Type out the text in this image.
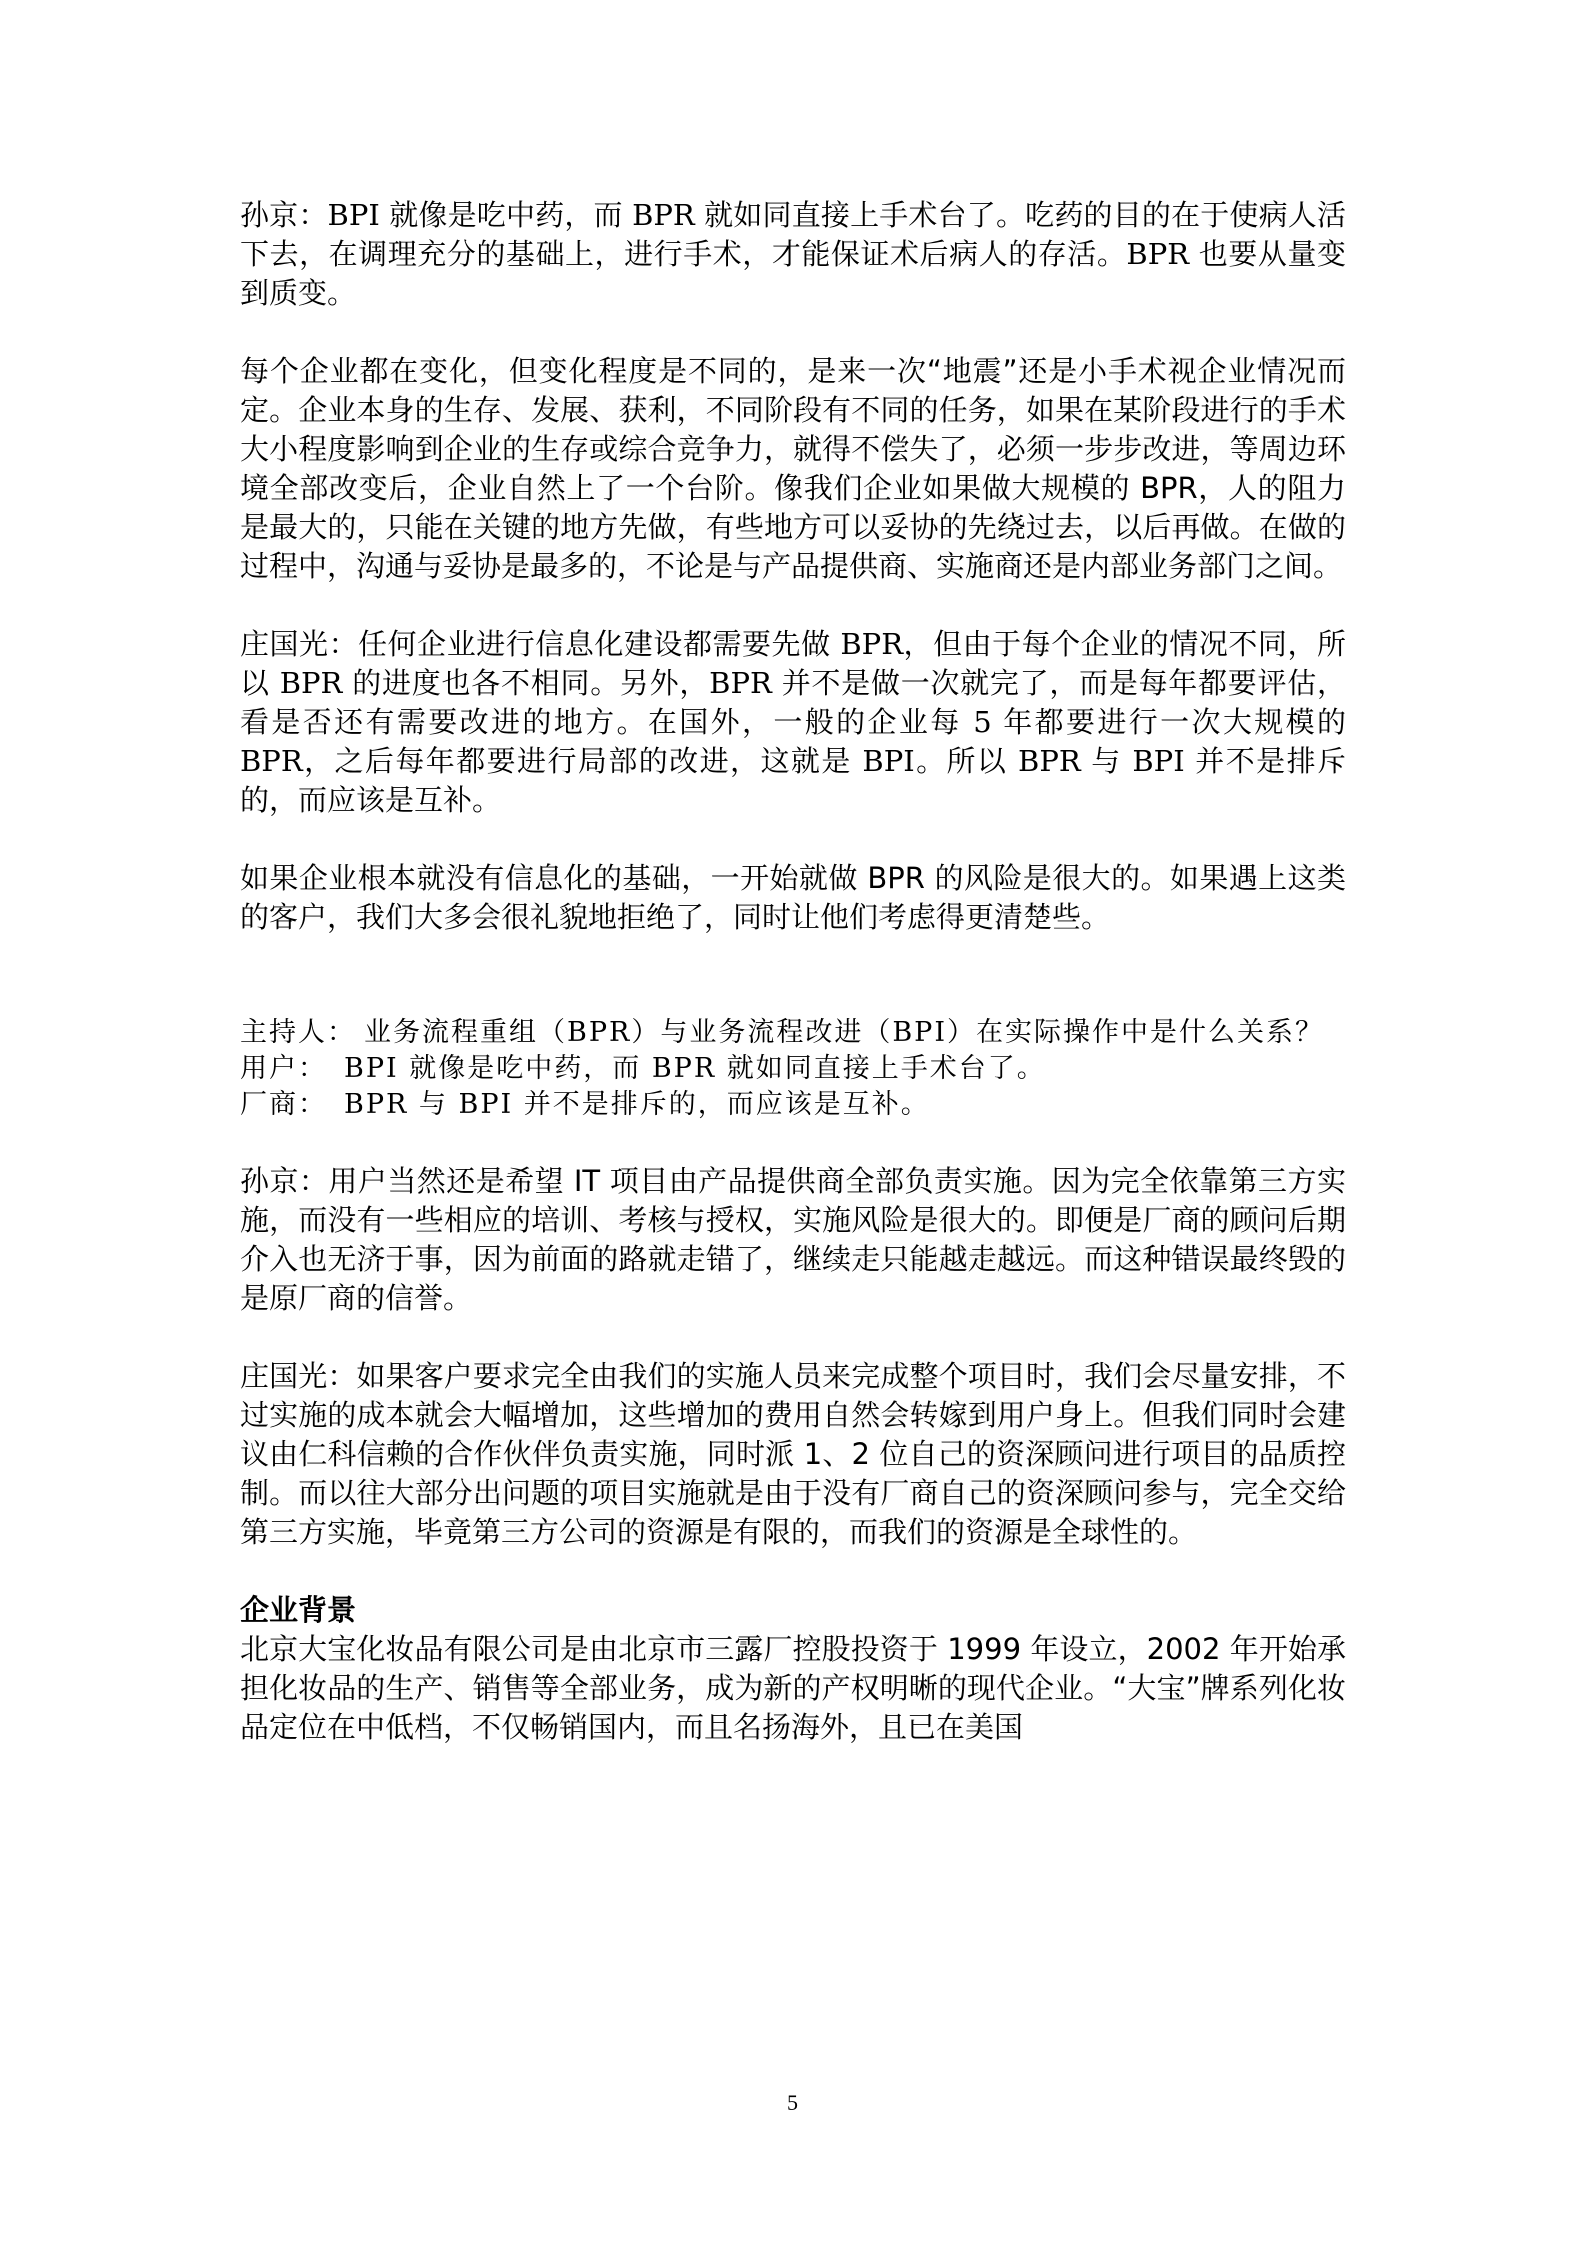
孙京：BPI 就像是吃中药，而 BPR 就如同直接上手术台了。吃药的目的在于使病人活下去，在调理充分的基础上，进行手术，才能保证术后病人的存活。BPR 也要从量变到质变。

每个企业都在变化，但变化程度是不同的，是来一次“地震”还是小手术视企业情况而定。企业本身的生存、发展、获利，不同阶段有不同的任务，如果在某阶段进行的手术大小程度影响到企业的生存或综合竞争力，就得不偿失了，必须一步步改进，等周边环境全部改变后，企业自然上了一个台阶。像我们企业如果做大规模的 BPR，人的阻力是最大的，只能在关键的地方先做，有些地方可以妥协的先绕过去，以后再做。在做的过程中，沟通与妥协是最多的，不论是与产品提供商、实施商还是内部业务部门之间。

庄国光：任何企业进行信息化建设都需要先做 BPR，但由于每个企业的情况不同，所以 BPR 的进度也各不相同。另外，BPR 并不是做一次就完了，而是每年都要评估，看是否还有需要改进的地方。在国外，一般的企业每 5 年都要进行一次大规模的 BPR，之后每年都要进行局部的改进，这就是 BPI。所以 BPR 与 BPI 并不是排斥的，而应该是互补。

如果企业根本就没有信息化的基础，一开始就做 BPR 的风险是很大的。如果遇上这类的客户，我们大多会很礼貌地拒绝了，同时让他们考虑得更清楚些。

主持人： 业务流程重组（BPR）与业务流程改进（BPI）在实际操作中是什么关系？
用户： BPI 就像是吃中药，而 BPR 就如同直接上手术台了。
厂商： BPR 与 BPI 并不是排斥的，而应该是互补。

孙京：用户当然还是希望 IT 项目由产品提供商全部负责实施。因为完全依靠第三方实施，而没有一些相应的培训、考核与授权，实施风险是很大的。即便是厂商的顾问后期介入也无济于事，因为前面的路就走错了，继续走只能越走越远。而这种错误最终毁的是原厂商的信誉。

庄国光：如果客户要求完全由我们的实施人员来完成整个项目时，我们会尽量安排，不过实施的成本就会大幅增加，这些增加的费用自然会转嫁到用户身上。但我们同时会建议由仁科信赖的合作伙伴负责实施，同时派 1、2 位自己的资深顾问进行项目的品质控制。而以往大部分出问题的项目实施就是由于没有厂商自己的资深顾问参与，完全交给第三方实施，毕竟第三方公司的资源是有限的，而我们的资源是全球性的。

企业背景

北京大宝化妆品有限公司是由北京市三露厂控股投资于 1999 年设立，2002 年开始承担化妆品的生产、销售等全部业务，成为新的产权明晰的现代企业。“大宝”牌系列化妆品定位在中低档，不仅畅销国内，而且名扬海外，且已在美国

5
